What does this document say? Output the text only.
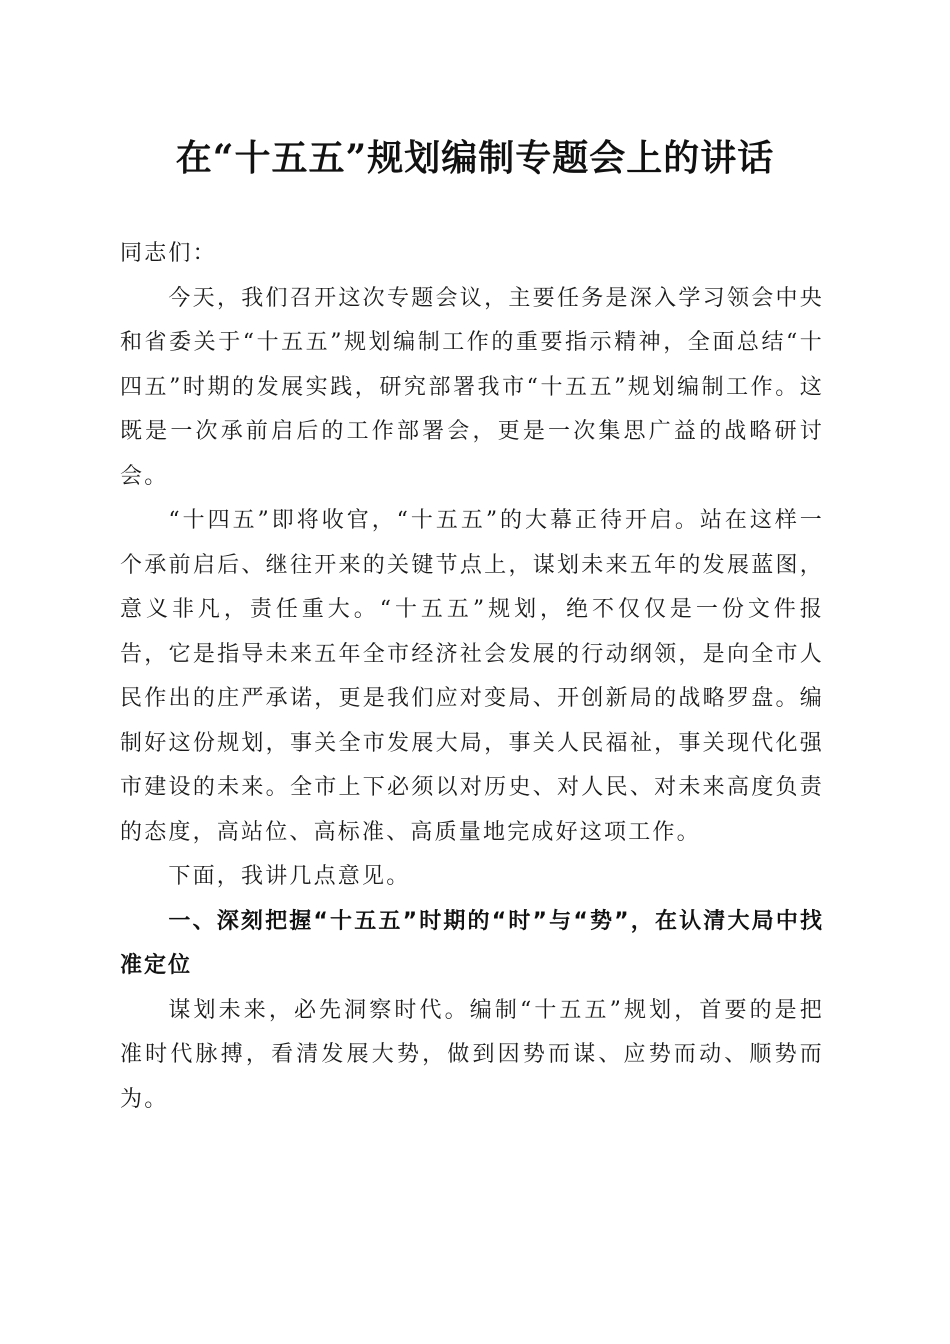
在“十五五”规划编制专题会上的讲话

同志们：

今天，我们召开这次专题会议，主要任务是深入学习领会中央和省委关于“十五五”规划编制工作的重要指示精神，全面总结“十四五”时期的发展实践，研究部署我市“十五五”规划编制工作。这既是一次承前启后的工作部署会，更是一次集思广益的战略研讨会。

“十四五”即将收官，“十五五”的大幕正待开启。站在这样一个承前启后、继往开来的关键节点上，谋划未来五年的发展蓝图，意义非凡，责任重大。“十五五”规划，绝不仅仅是一份文件报告，它是指导未来五年全市经济社会发展的行动纲领，是向全市人民作出的庄严承诺，更是我们应对变局、开创新局的战略罗盘。编制好这份规划，事关全市发展大局，事关人民福祉，事关现代化强市建设的未来。全市上下必须以对历史、对人民、对未来高度负责的态度，高站位、高标准、高质量地完成好这项工作。

下面，我讲几点意见。

一、深刻把握“十五五”时期的“时”与“势”，在认清大局中找准定位

谋划未来，必先洞察时代。编制“十五五”规划，首要的是把准时代脉搏，看清发展大势，做到因势而谋、应势而动、顺势而为。
